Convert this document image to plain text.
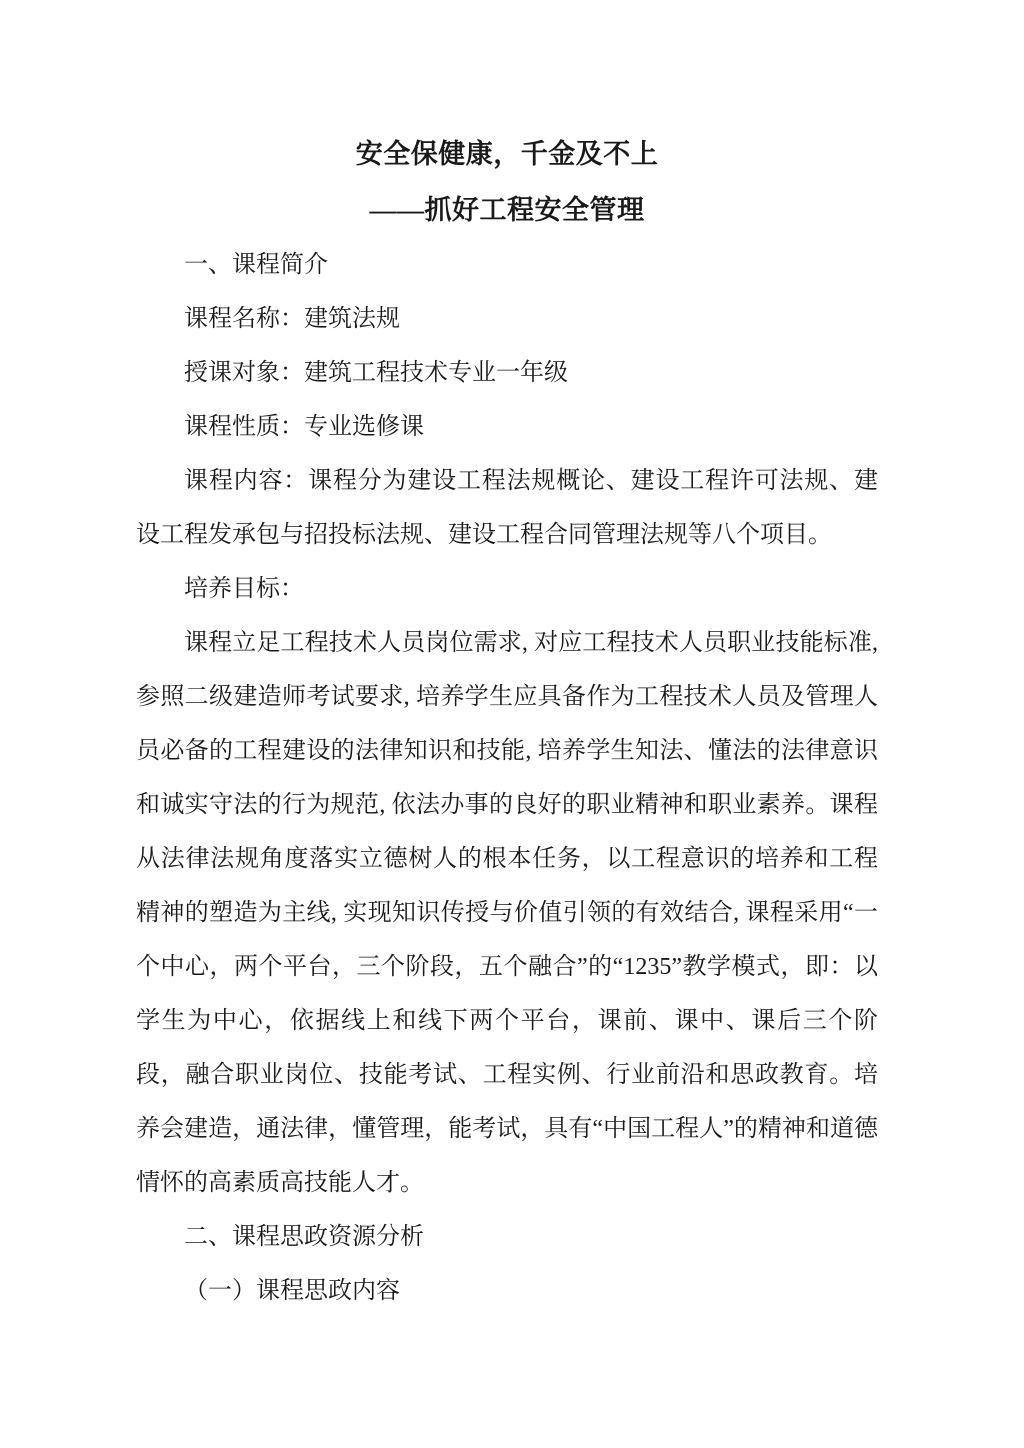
安全保健康，千金及不上
——抓好工程安全管理

一、课程简介

课程名称：建筑法规

授课对象：建筑工程技术专业一年级

课程性质：专业选修课

课程内容：课程分为建设工程法规概论、建设工程许可法规、建设工程发承包与招投标法规、建设工程合同管理法规等八个项目。

培养目标：

课程立足工程技术人员岗位需求, 对应工程技术人员职业技能标准, 参照二级建造师考试要求, 培养学生应具备作为工程技术人员及管理人员必备的工程建设的法律知识和技能, 培养学生知法、懂法的法律意识和诚实守法的行为规范, 依法办事的良好的职业精神和职业素养。课程从法律法规角度落实立德树人的根本任务，以工程意识的培养和工程精神的塑造为主线, 实现知识传授与价值引领的有效结合, 课程采用“一个中心，两个平台，三个阶段，五个融合”的“1235”教学模式，即：以学生为中心，依据线上和线下两个平台，课前、课中、课后三个阶段，融合职业岗位、技能考试、工程实例、行业前沿和思政教育。培养会建造，通法律，懂管理，能考试，具有“中国工程人”的精神和道德情怀的高素质高技能人才。

二、课程思政资源分析

（一）课程思政内容
